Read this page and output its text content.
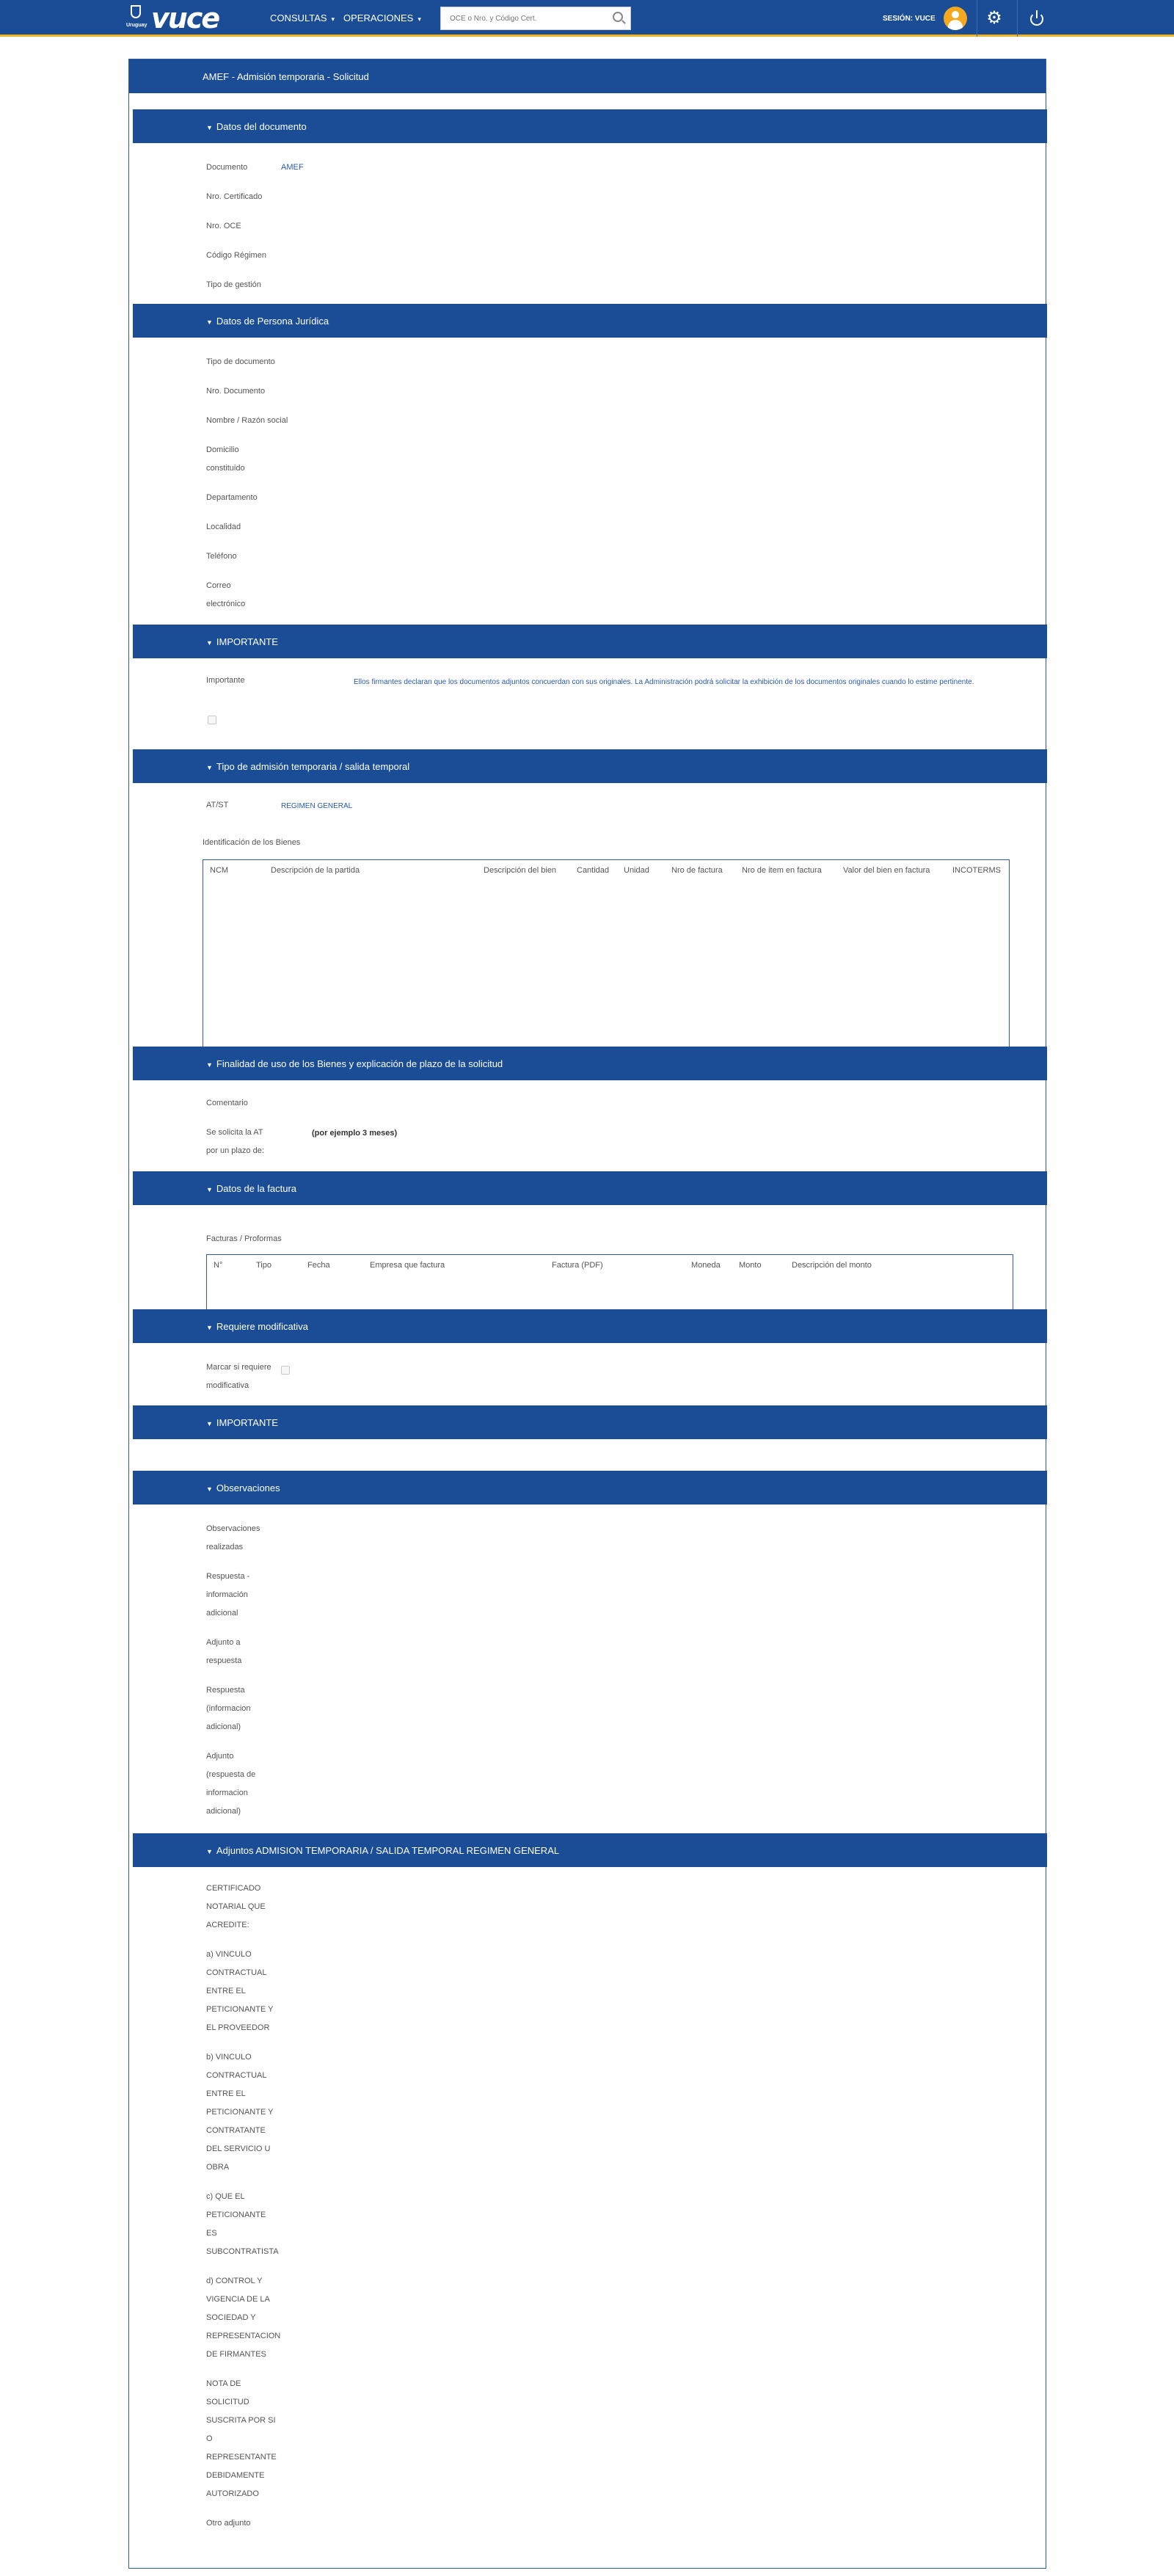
Uruguay vuce	CONSULTAS ▾ OPERACIONES ▾
OCE o Nro. y Código Cert.	SESIÓN: VUCE	⚙
AMEF - Admisión temporaria - Solicitud
▼ Datos del documento
Documento	AMEF
Nro. Certificado
Nro. OCE
Código Régimen
Tipo de gestión
▼ Datos de Persona Jurídica
Tipo de documento
Nro. Documento
Nombre / Razón social
Domicilio
constituido
Departamento
Localidad
Teléfono
Correo
electrónico
▼ IMPORTANTE
Importante	Ellos firmantes declaran que los documentos adjuntos concuerdan con sus originales. La Administración podrá solicitar la exhibición de los documentos originales cuando lo estime pertinente.
▼ Tipo de admisión temporaria / salida temporal
AT/ST	REGIMEN GENERAL
Identificación de los Bienes
NCM	Descripción de la partida	Descripción del bien	Cantidad Unidad	Nro de factura Nro de item en factura	Valor del bien en factura	INCOTERMS
▼ Finalidad de uso de los Bienes y explicación de plazo de la solicitud
Comentario
Se solicita la AT
por un plazo de:
(por ejemplo 3 meses)
▼ Datos de la factura
Facturas / Proformas
N°	Tipo	Fecha	Empresa que factura	Factura (PDF)	Moneda Monto	Descripción del monto
▼ Requiere modificativa
Marcar si requiere
modificativa
▼ IMPORTANTE
▼ Observaciones
Observaciones
realizadas
Respuesta -
información
adicional
Adjunto a
respuesta
Respuesta
(informacion
adicional)
Adjunto
(respuesta de
informacion
adicional)
▼ Adjuntos ADMISION TEMPORARIA / SALIDA TEMPORAL REGIMEN GENERAL
CERTIFICADO
NOTARIAL QUE
ACREDITE:
a) VINCULO
CONTRACTUAL
ENTRE EL
PETICIONANTE Y
EL PROVEEDOR
b) VINCULO
CONTRACTUAL
ENTRE EL
PETICIONANTE Y
CONTRATANTE
DEL SERVICIO U
OBRA
c) QUE EL
PETICIONANTE
ES
SUBCONTRATISTA
d) CONTROL Y
VIGENCIA DE LA
SOCIEDAD Y
REPRESENTACION
DE FIRMANTES
NOTA DE
SOLICITUD
SUSCRITA POR SI
O
REPRESENTANTE
DEBIDAMENTE
AUTORIZADO
Otro adjunto
